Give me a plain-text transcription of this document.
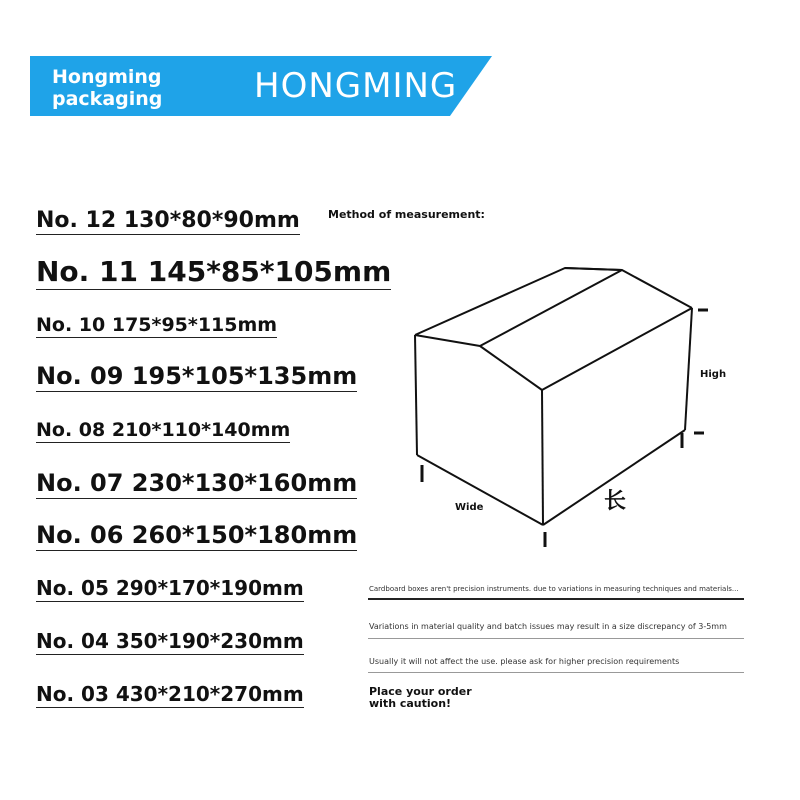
Hongming packaging	HONGMING
No. 12 130*80*90mm
No. 11 145*85*105mm
No. 10 175*95*115mm
No. 09 195*105*135mm
No. 08 210*110*140mm
No. 07 230*130*160mm
No. 06 260*150*180mm
No. 05 290*170*190mm
No. 04 350*190*230mm
No. 03 430*210*270mm
Method of measurement:
High
Wide	长
Cardboard boxes aren't precision instruments. due to variations in measuring techniques and materials...
Variations in material quality and batch issues may result in a size discrepancy of 3-5mm
Usually it will not affect the use. please ask for higher precision requirements
Place your order with caution!
